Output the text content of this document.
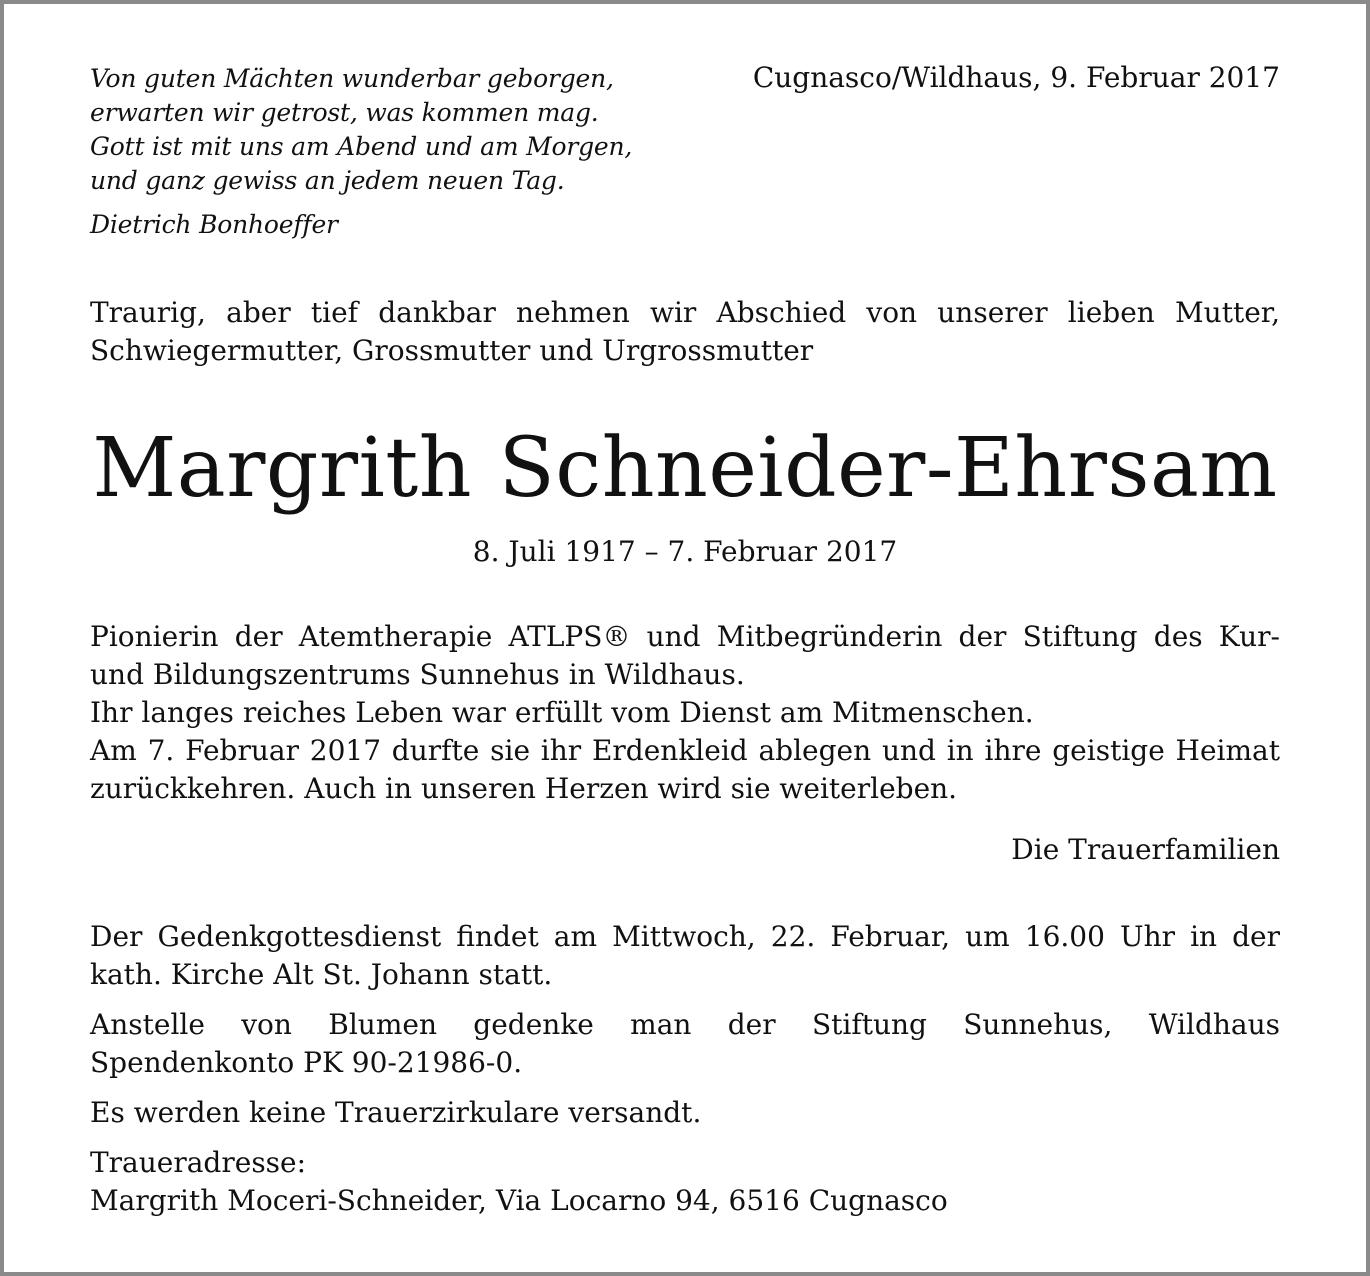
Von guten Mächten wunderbar geborgen,
erwarten wir getrost, was kommen mag.
Gott ist mit uns am Abend und am Morgen,
und ganz gewiss an jedem neuen Tag.
Dietrich Bonhoeffer
Cugnasco/Wildhaus, 9. Februar 2017
Traurig, aber tief dankbar nehmen wir Abschied von unserer lieben Mutter,
Schwiegermutter, Grossmutter und Urgrossmutter
Margrith Schneider-Ehrsam
8. Juli 1917 – 7. Februar 2017
Pionierin der Atemtherapie ATLPS® und Mitbegründerin der Stiftung des Kur-
und Bildungszentrums Sunnehus in Wildhaus.
Ihr langes reiches Leben war erfüllt vom Dienst am Mitmenschen.
Am 7. Februar 2017 durfte sie ihr Erdenkleid ablegen und in ihre geistige Heimat
zurückkehren. Auch in unseren Herzen wird sie weiterleben.
Die Trauerfamilien
Der Gedenkgottesdienst findet am Mittwoch, 22. Februar, um 16.00 Uhr in der
kath. Kirche Alt St. Johann statt.
Anstelle von Blumen gedenke man der Stiftung Sunnehus, Wildhaus
Spendenkonto PK 90-21986-0.
Es werden keine Trauerzirkulare versandt.
Traueradresse:
Margrith Moceri-Schneider, Via Locarno 94, 6516 Cugnasco
